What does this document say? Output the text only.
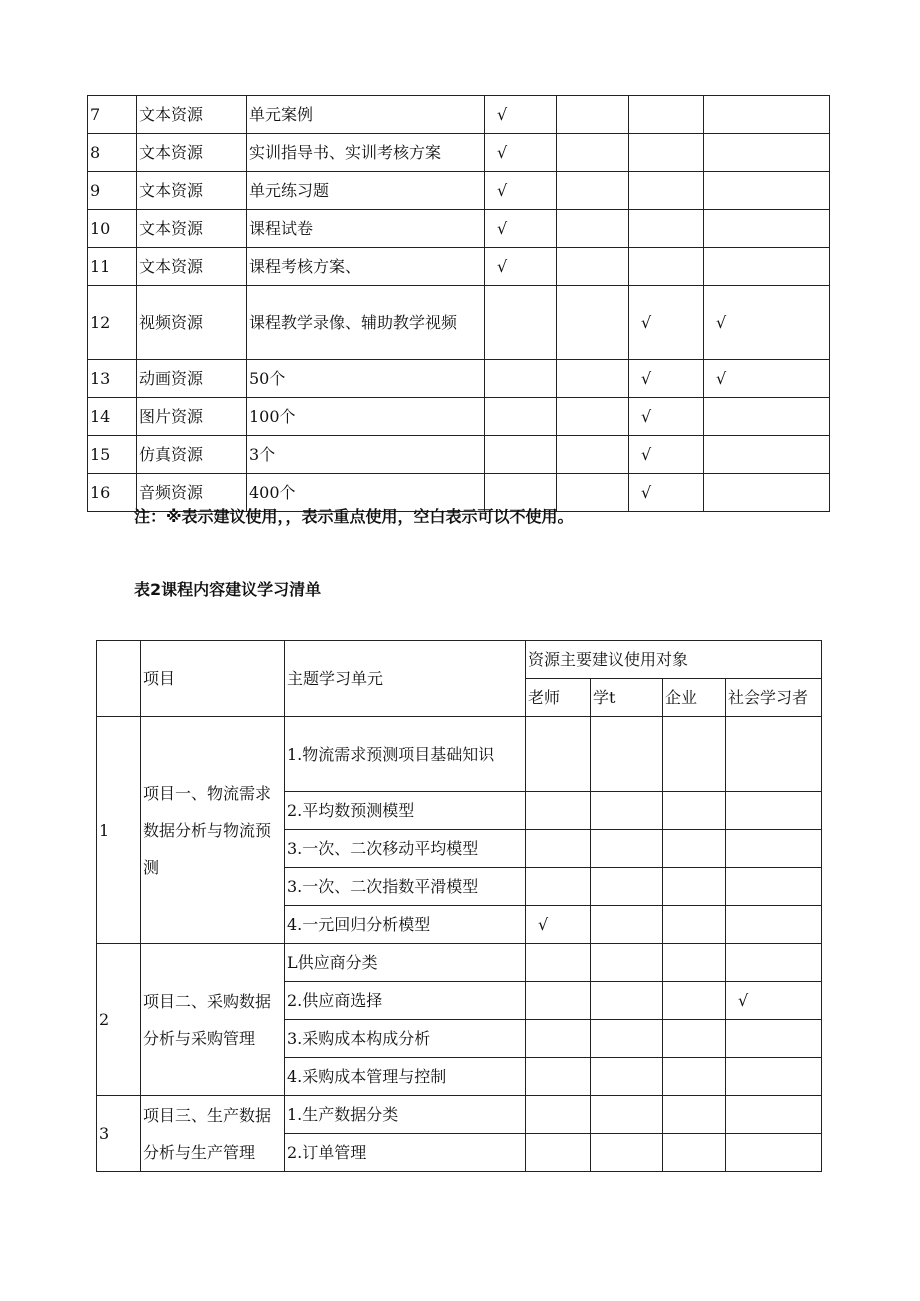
7	文本资源	单元案例	√			
8	文本资源	实训指导书、实训考核方案	√			
9	文本资源	单元练习题	√			
10	文本资源	课程试卷	√			
11	文本资源	课程考核方案、	√			
12	视频资源	课程教学录像、辅助教学视频			√	√
13	动画资源	50个			√	√
14	图片资源	100个			√	
15	仿真资源	3个			√	
16	音频资源	400个			√	
注：※表示建议使用，，表示重点使用，空白表示可以不使用。
表2课程内容建议学习清单
	项目	主题学习单元	资源主要建议使用对象			
			老师	学t	企业	社会学习者
1	项目一、物流需求数据分析与物流预测	1.物流需求预测项目基础知识				
		2.平均数预测模型				
		3.一次、二次移动平均模型				
		3.一次、二次指数平滑模型				
		4.一元回归分析模型	√			
2	项目二、采购数据分析与采购管理	L供应商分类				
		2.供应商选择				√
		3.采购成本构成分析				
		4.采购成本管理与控制				
3	项目三、生产数据分析与生产管理	1.生产数据分类				
		2.订单管理				
